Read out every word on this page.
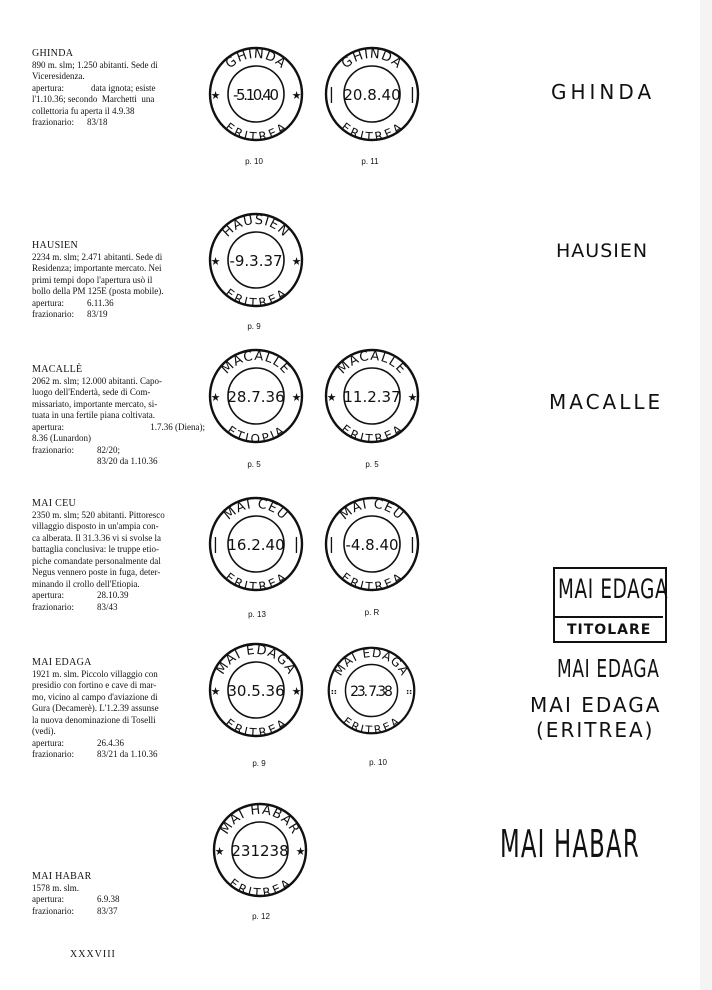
GHINDA
890 m. slm; 1.250 abitanti. Sede di
Viceresidenza.
apertura:            data ignota; esiste
l'1.10.36; secondo  Marchetti  una
collettoria fu aperta il 4.9.38
frazionario:	83/18
GHINDA
ERITREA
-5.10.40
★	★
p. 10
GHINDA
ERITREA
20.8.40
|	|
p. 11
GHINDA
HAUSIEN
2234 m. slm; 2.471 abitanti. Sede di
Residenza; importante mercato. Nei
primi tempi dopo l'apertura usò il
bollo della PM 125E (posta mobile).
apertura:	6.11.36
frazionario:	83/19
HAUSIEN
ERITREA
-9.3.37
★	★
p. 9
HAUSIEN
MACALLÈ
2062 m. slm; 12.000 abitanti. Capo-
luogo dell'Endertà, sede di Com-
missariato, importante mercato, si-
tuata in una fertile piana coltivata.
apertura:	1.7.36 (Diena);
8.36 (Lunardon)
frazionario:	82/20;
83/20 da 1.10.36
MACALLE
ETIOPIA
28.7.36
★	★
p. 5
MACALLE
ERITREA
11.2.37
★	★
p. 5
MACALLE
MAI CEU
2350 m. slm; 520 abitanti. Pittoresco
villaggio disposto in un'ampia con-
ca alberata. Il 31.3.36 vi si svolse la
battaglia conclusiva: le truppe etio-
piche comandate personalmente dal
Negus vennero poste in fuga, deter-
minando il crollo dell'Etiopia.
apertura:	28.10.39
frazionario:	83/43
MAI CEU
ERITREA
16.2.40
|	|
p. 13
MAI CEU
ERITREA
-4.8.40
|	|
p. R
MAI EDAGA
TITOLARE
MAI EDAGA
1921 m. slm. Piccolo villaggio con
presidio con fortino e cave di mar-
mo, vicino al campo d'aviazione di
Gura (Decamerè). L'1.2.39 assunse
la nuova denominazione di Toselli
(vedi).
apertura:	26.4.36
frazionario:	83/21 da 1.10.36
MAI EDAGA
ERITREA
30.5.36
★	★
p. 9
MAI EDAGA
ERITREA
23. 7.38
⠶	⠶
p. 10
MAI EDAGA
MAI EDAGA
(ERITREA)
MAI HABAR
1578 m. slm.
apertura:	6.9.38
frazionario:	83/37
MAI HABAR
ERITREA
231238
★	★
p. 12
MAI HABAR
XXXVIII
